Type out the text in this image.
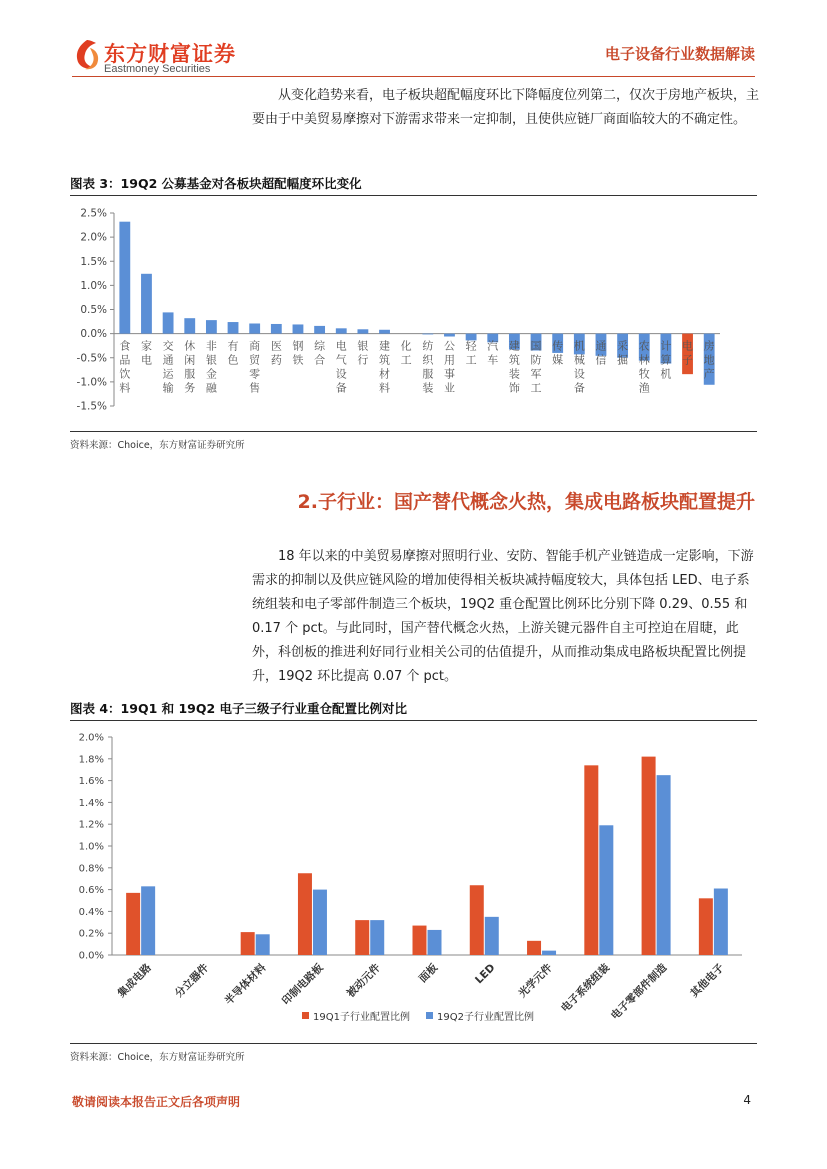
东方财富证券
Eastmoney Securities
电子设备行业数据解读
从变化趋势来看，电子板块超配幅度环比下降幅度位列第二，仅次于房地产板块，主要由于中美贸易摩擦对下游需求带来一定抑制，且使供应链厂商面临较大的不确定性。
图表 3：19Q2 公募基金对各板块超配幅度环比变化
2.5%
2.0%
1.5%
1.0%
0.5%
0.0%
-0.5%
-1.0%
-1.5%
食品饮料
家电
交通运输
休闲服务
非银金融
有色
商贸零售
医药
钢铁
综合
电气设备
银行
建筑材料
化工
纺织服装
公用事业
轻工
汽车
建筑装饰
国防军工
传媒
机械设备
通信
采掘
农林牧渔
计算机
电子
房地产
资料来源：Choice，东方财富证券研究所
2.子行业：国产替代概念火热，集成电路板块配置提升
18 年以来的中美贸易摩擦对照明行业、安防、智能手机产业链造成一定影响，下游需求的抑制以及供应链风险的增加使得相关板块减持幅度较大，具体包括 LED、电子系统组装和电子零部件制造三个板块，19Q2 重仓配置比例环比分别下降 0.29、0.55 和 0.17 个 pct。与此同时，国产替代概念火热，上游关键元器件自主可控迫在眉睫，此外，科创板的推进利好同行业相关公司的估值提升，从而推动集成电路板块配置比例提升，19Q2 环比提高 0.07 个 pct。
图表 4：19Q1 和 19Q2 电子三级子行业重仓配置比例对比
2.0%
1.8%
1.6%
1.4%
1.2%
1.0%
0.8%
0.6%
0.4%
0.2%
0.0%
集成电路 分立器件 半导体材料 印制电路板 被动元件	面板	LED 光学元件 电子系统组装
电子零部件制造 其他电子
19Q1子行业配置比例	19Q2子行业配置比例
资料来源：Choice，东方财富证券研究所
敬请阅读本报告正文后各项声明	4
